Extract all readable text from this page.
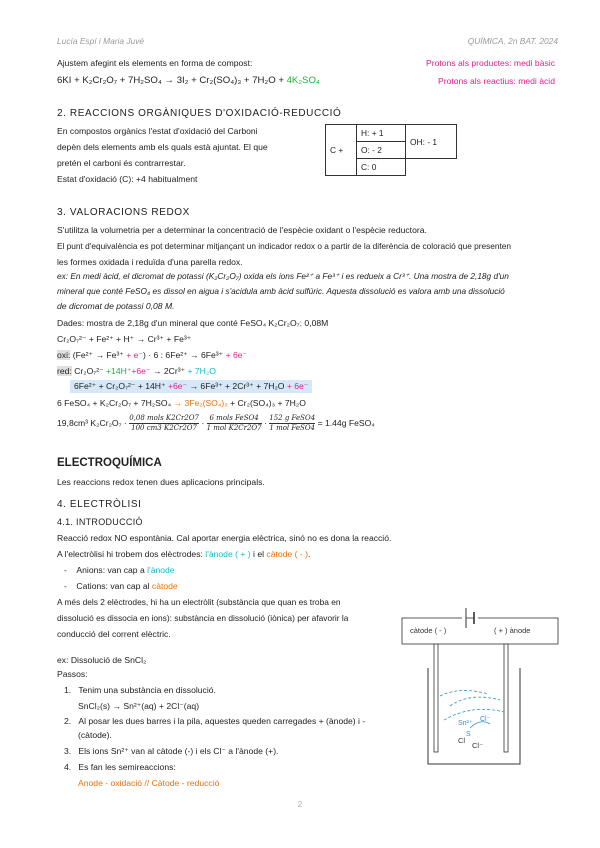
Lucía Espí i Maria Juvé	QUÍMICA. 2n BAT. 2024
Ajustem afegint els elements en forma de compost:
6KI + K₂Cr₂O₇ + 7H₂SO₄ → 3I₂ + Cr₂(SO₄)₃ + 7H₂O + 4K₂SO₄
Protons als productes: medi bàsic
Protons als reactius: medi àcid
2. REACCIONS ORGÀNIQUES D'OXIDACIÓ-REDUCCIÓ
En compostos orgànics l'estat d'oxidació del Carboni
depèn dels elements amb els quals està ajuntat. El que
pretén el carboni és contrarrestar.
Estat d'oxidació (C): +4 habitualment
C +	H: + 1	OH: - 1
	O: - 2	
	C: 0	
3. VALORACIONS REDOX
S'utilitza la volumetria per a determinar la concentració de l'espècie oxidant o l'espècie reductora.
El punt d'equivalència es pot determinar mitjançant un indicador redox o a partir de la diferència de coloració que presenten
les formes oxidada i reduïda d'una parella redox.
ex: En medi àcid, el dicromat de potassi (K₂Cr₂O₇) oxida els ions Fe²⁺ a Fe³⁺ i es redueix a Cr³⁺. Una mostra de 2,18g d'un
mineral que conté FeSO₄ es dissol en aigua i s'acidula amb àcid sulfúric. Aquesta dissolució es valora amb una dissolució
de dicromat de potassi 0,08 M.
Dades: mostra de 2,18g d'un mineral que conté FeSO₄ K₂Cr₂O₇: 0,08M
Cr₂O₇²⁻ + Fe²⁺ + H⁺ → Cr³⁺ + Fe³⁺
oxi: (Fe²⁺ → Fe³⁺ + e⁻) · 6 : 6Fe²⁺ → 6Fe³⁺ + 6e⁻
red: Cr₂O₇²⁻ +14H⁺+6e⁻ → 2Cr³⁺ + 7H₂O
6Fe²⁺ + Cr₂O₇²⁻ + 14H⁺ +6e⁻ → 6Fe³⁺ + 2Cr³⁺ + 7H₂O + 6e⁻
6 FeSO₄ + K₂Cr₂O₇ + 7H₂SO₄ → 3Fe₂(SO₄)₃ + Cr₂(SO₄)₃ + 7H₂O
19,8cm³ $K_2Cr_2O_7 \cdot \frac{\text{0,08 mols K2Cr2O7}}{100 cm3 K2Cr2O7} \cdot \frac{\text{6 mols FeSO4}}{\text{1 mol K2Cr2O7}} \cdot \frac{\text{152 g FeSO4}}{\text{1 mol FeSO4}} = 1.44g$ FeSO₄
ELECTROQUÍMICA
Les reaccions redox tenen dues aplicacions principals.
4. ELECTRÒLISI
4.1. INTRODUCCIÓ
Reacció redox NO espontània. Cal aportar energia elèctrica, sinó no es dona la reacció.
A l'electròlisi hi trobem dos elèctrodes: l'ànode ( + ) i el càtode ( - ).
-    Anions: van cap a l'ànode
-    Cations: van cap al càtode
A més dels 2 elèctrodes, hi ha un electròlit (substància que quan es troba en
dissolució es dissocia en ions): substància en dissolució (iònica) per afavorir la
conducció del corrent elèctric.
ex: Dissolució de SnCl₂
Passos:
1.   Tenim una substància en dissolució.
SnCl₂(s) → Sn²⁺(aq) + 2Cl⁻(aq)
2.   Al posar les dues barres i la pila, aquestes queden carregades + (ànode) i -
(càtode).
3.   Els ions Sn²⁺ van al càtode (-) i els Cl⁻ a l'ànode (+).
4.   Es fan les semireaccions:
Anode - oxidació // Càtode - reducció
càtode ( - )	( + ) ànode
Sn²⁺
Cl⁻
S
Cl
Cl⁻
2
